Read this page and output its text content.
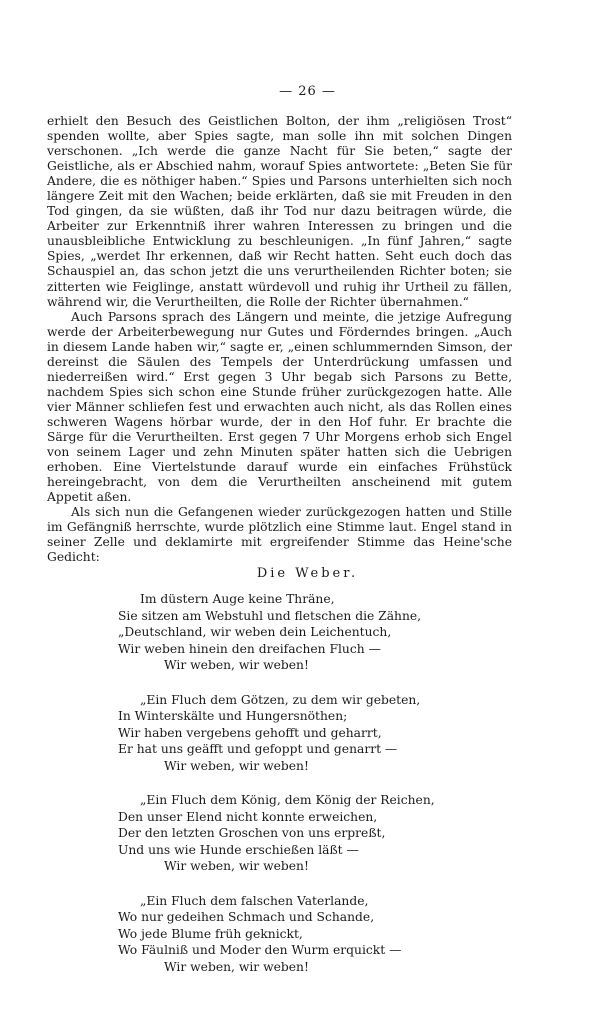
— 26 —

erhielt den Besuch des Geistlichen Bolton, der ihm „religiösen Trost“ spenden wollte, aber Spies sagte, man solle ihn mit solchen Dingen verschonen. „Ich werde die ganze Nacht für Sie beten,“ sagte der Geistliche, als er Abschied nahm, worauf Spies antwortete: „Beten Sie für Andere, die es nöthiger haben.“ Spies und Parsons unterhielten sich noch längere Zeit mit den Wachen; beide erklärten, daß sie mit Freuden in den Tod gingen, da sie wüßten, daß ihr Tod nur dazu beitragen würde, die Arbeiter zur Erkenntniß ihrer wahren Interessen zu bringen und die unausbleibliche Entwicklung zu beschleunigen. „In fünf Jahren,“ sagte Spies, „werdet Ihr erkennen, daß wir Recht hatten. Seht euch doch das Schauspiel an, das schon jetzt die uns verurtheilenden Richter boten; sie zitterten wie Feiglinge, anstatt würdevoll und ruhig ihr Urtheil zu fällen, während wir, die Verurtheilten, die Rolle der Richter übernahmen.“

Auch Parsons sprach des Längern und meinte, die jetzige Aufregung werde der Arbeiterbewegung nur Gutes und Förderndes bringen. „Auch in diesem Lande haben wir,“ sagte er, „einen schlummernden Simson, der dereinst die Säulen des Tempels der Unterdrückung umfassen und niederreißen wird.“ Erst gegen 3 Uhr begab sich Parsons zu Bette, nachdem Spies sich schon eine Stunde früher zurückgezogen hatte. Alle vier Männer schliefen fest und erwachten auch nicht, als das Rollen eines schweren Wagens hörbar wurde, der in den Hof fuhr. Er brachte die Särge für die Verurtheilten. Erst gegen 7 Uhr Morgens erhob sich Engel von seinem Lager und zehn Minuten später hatten sich die Uebrigen erhoben. Eine Viertelstunde darauf wurde ein einfaches Frühstück hereingebracht, von dem die Verurtheilten anscheinend mit gutem Appetit aßen.

Als sich nun die Gefangenen wieder zurückgezogen hatten und Stille im Gefängniß herrschte, wurde plötzlich eine Stimme laut. Engel stand in seiner Zelle und deklamirte mit ergreifender Stimme das Heine'sche Gedicht:

Die Weber.
Im düstern Auge keine Thräne,
Sie sitzen am Webstuhl und fletschen die Zähne,
„Deutschland, wir weben dein Leichentuch,
Wir weben hinein den dreifachen Fluch —
Wir weben, wir weben!
„Ein Fluch dem Götzen, zu dem wir gebeten,
In Winterskälte und Hungersnöthen;
Wir haben vergebens gehofft und geharrt,
Er hat uns geäfft und gefoppt und genarrt —
Wir weben, wir weben!
„Ein Fluch dem König, dem König der Reichen,
Den unser Elend nicht konnte erweichen,
Der den letzten Groschen von uns erpreßt,
Und uns wie Hunde erschießen läßt —
Wir weben, wir weben!
„Ein Fluch dem falschen Vaterlande,
Wo nur gedeihen Schmach und Schande,
Wo jede Blume früh geknickt,
Wo Fäulniß und Moder den Wurm erquickt —
Wir weben, wir weben!
